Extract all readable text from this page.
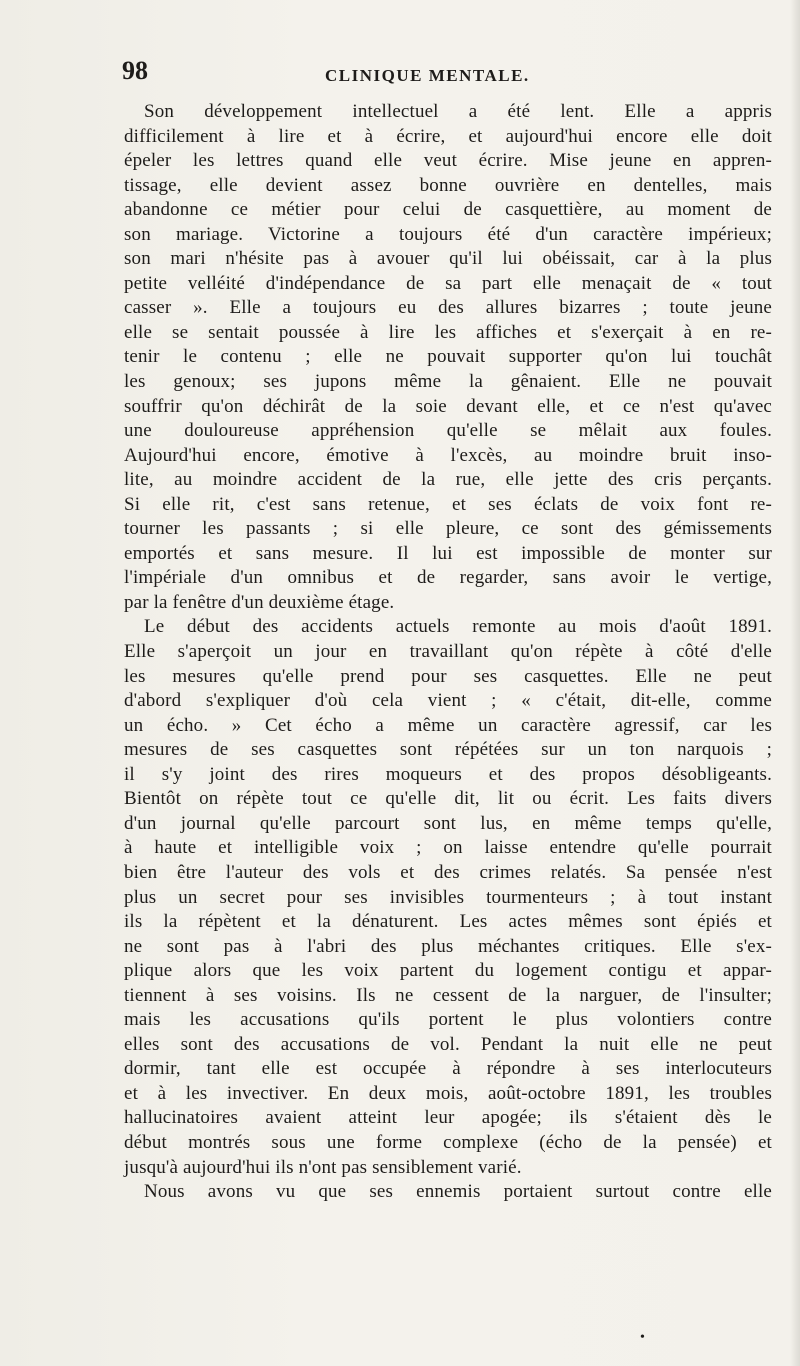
98	CLINIQUE MENTALE.
Son développement intellectuel a été lent. Elle a appris
difficilement à lire et à écrire, et aujourd'hui encore elle doit
épeler les lettres quand elle veut écrire. Mise jeune en appren-
tissage, elle devient assez bonne ouvrière en dentelles, mais
abandonne ce métier pour celui de casquettière, au moment de
son mariage. Victorine a toujours été d'un caractère impérieux;
son mari n'hésite pas à avouer qu'il lui obéissait, car à la plus
petite velléité d'indépendance de sa part elle menaçait de « tout
casser ». Elle a toujours eu des allures bizarres ; toute jeune
elle se sentait poussée à lire les affiches et s'exerçait à en re-
tenir le contenu ; elle ne pouvait supporter qu'on lui touchât
les genoux; ses jupons même la gênaient. Elle ne pouvait
souffrir qu'on déchirât de la soie devant elle, et ce n'est qu'avec
une douloureuse appréhension qu'elle se mêlait aux foules.
Aujourd'hui encore, émotive à l'excès, au moindre bruit inso-
lite, au moindre accident de la rue, elle jette des cris perçants.
Si elle rit, c'est sans retenue, et ses éclats de voix font re-
tourner les passants ; si elle pleure, ce sont des gémissements
emportés et sans mesure. Il lui est impossible de monter sur
l'impériale d'un omnibus et de regarder, sans avoir le vertige,
par la fenêtre d'un deuxième étage.
Le début des accidents actuels remonte au mois d'août 1891.
Elle s'aperçoit un jour en travaillant qu'on répète à côté d'elle
les mesures qu'elle prend pour ses casquettes. Elle ne peut
d'abord s'expliquer d'où cela vient ; « c'était, dit-elle, comme
un écho. » Cet écho a même un caractère agressif, car les
mesures de ses casquettes sont répétées sur un ton narquois ;
il s'y joint des rires moqueurs et des propos désobligeants.
Bientôt on répète tout ce qu'elle dit, lit ou écrit. Les faits divers
d'un journal qu'elle parcourt sont lus, en même temps qu'elle,
à haute et intelligible voix ; on laisse entendre qu'elle pourrait
bien être l'auteur des vols et des crimes relatés. Sa pensée n'est
plus un secret pour ses invisibles tourmenteurs ; à tout instant
ils la répètent et la dénaturent. Les actes mêmes sont épiés et
ne sont pas à l'abri des plus méchantes critiques. Elle s'ex-
plique alors que les voix partent du logement contigu et appar-
tiennent à ses voisins. Ils ne cessent de la narguer, de l'insulter;
mais les accusations qu'ils portent le plus volontiers contre
elles sont des accusations de vol. Pendant la nuit elle ne peut
dormir, tant elle est occupée à répondre à ses interlocuteurs
et à les invectiver. En deux mois, août-octobre 1891, les troubles
hallucinatoires avaient atteint leur apogée; ils s'étaient dès le
début montrés sous une forme complexe (écho de la pensée) et
jusqu'à aujourd'hui ils n'ont pas sensiblement varié.
Nous avons vu que ses ennemis portaient surtout contre elle
•
